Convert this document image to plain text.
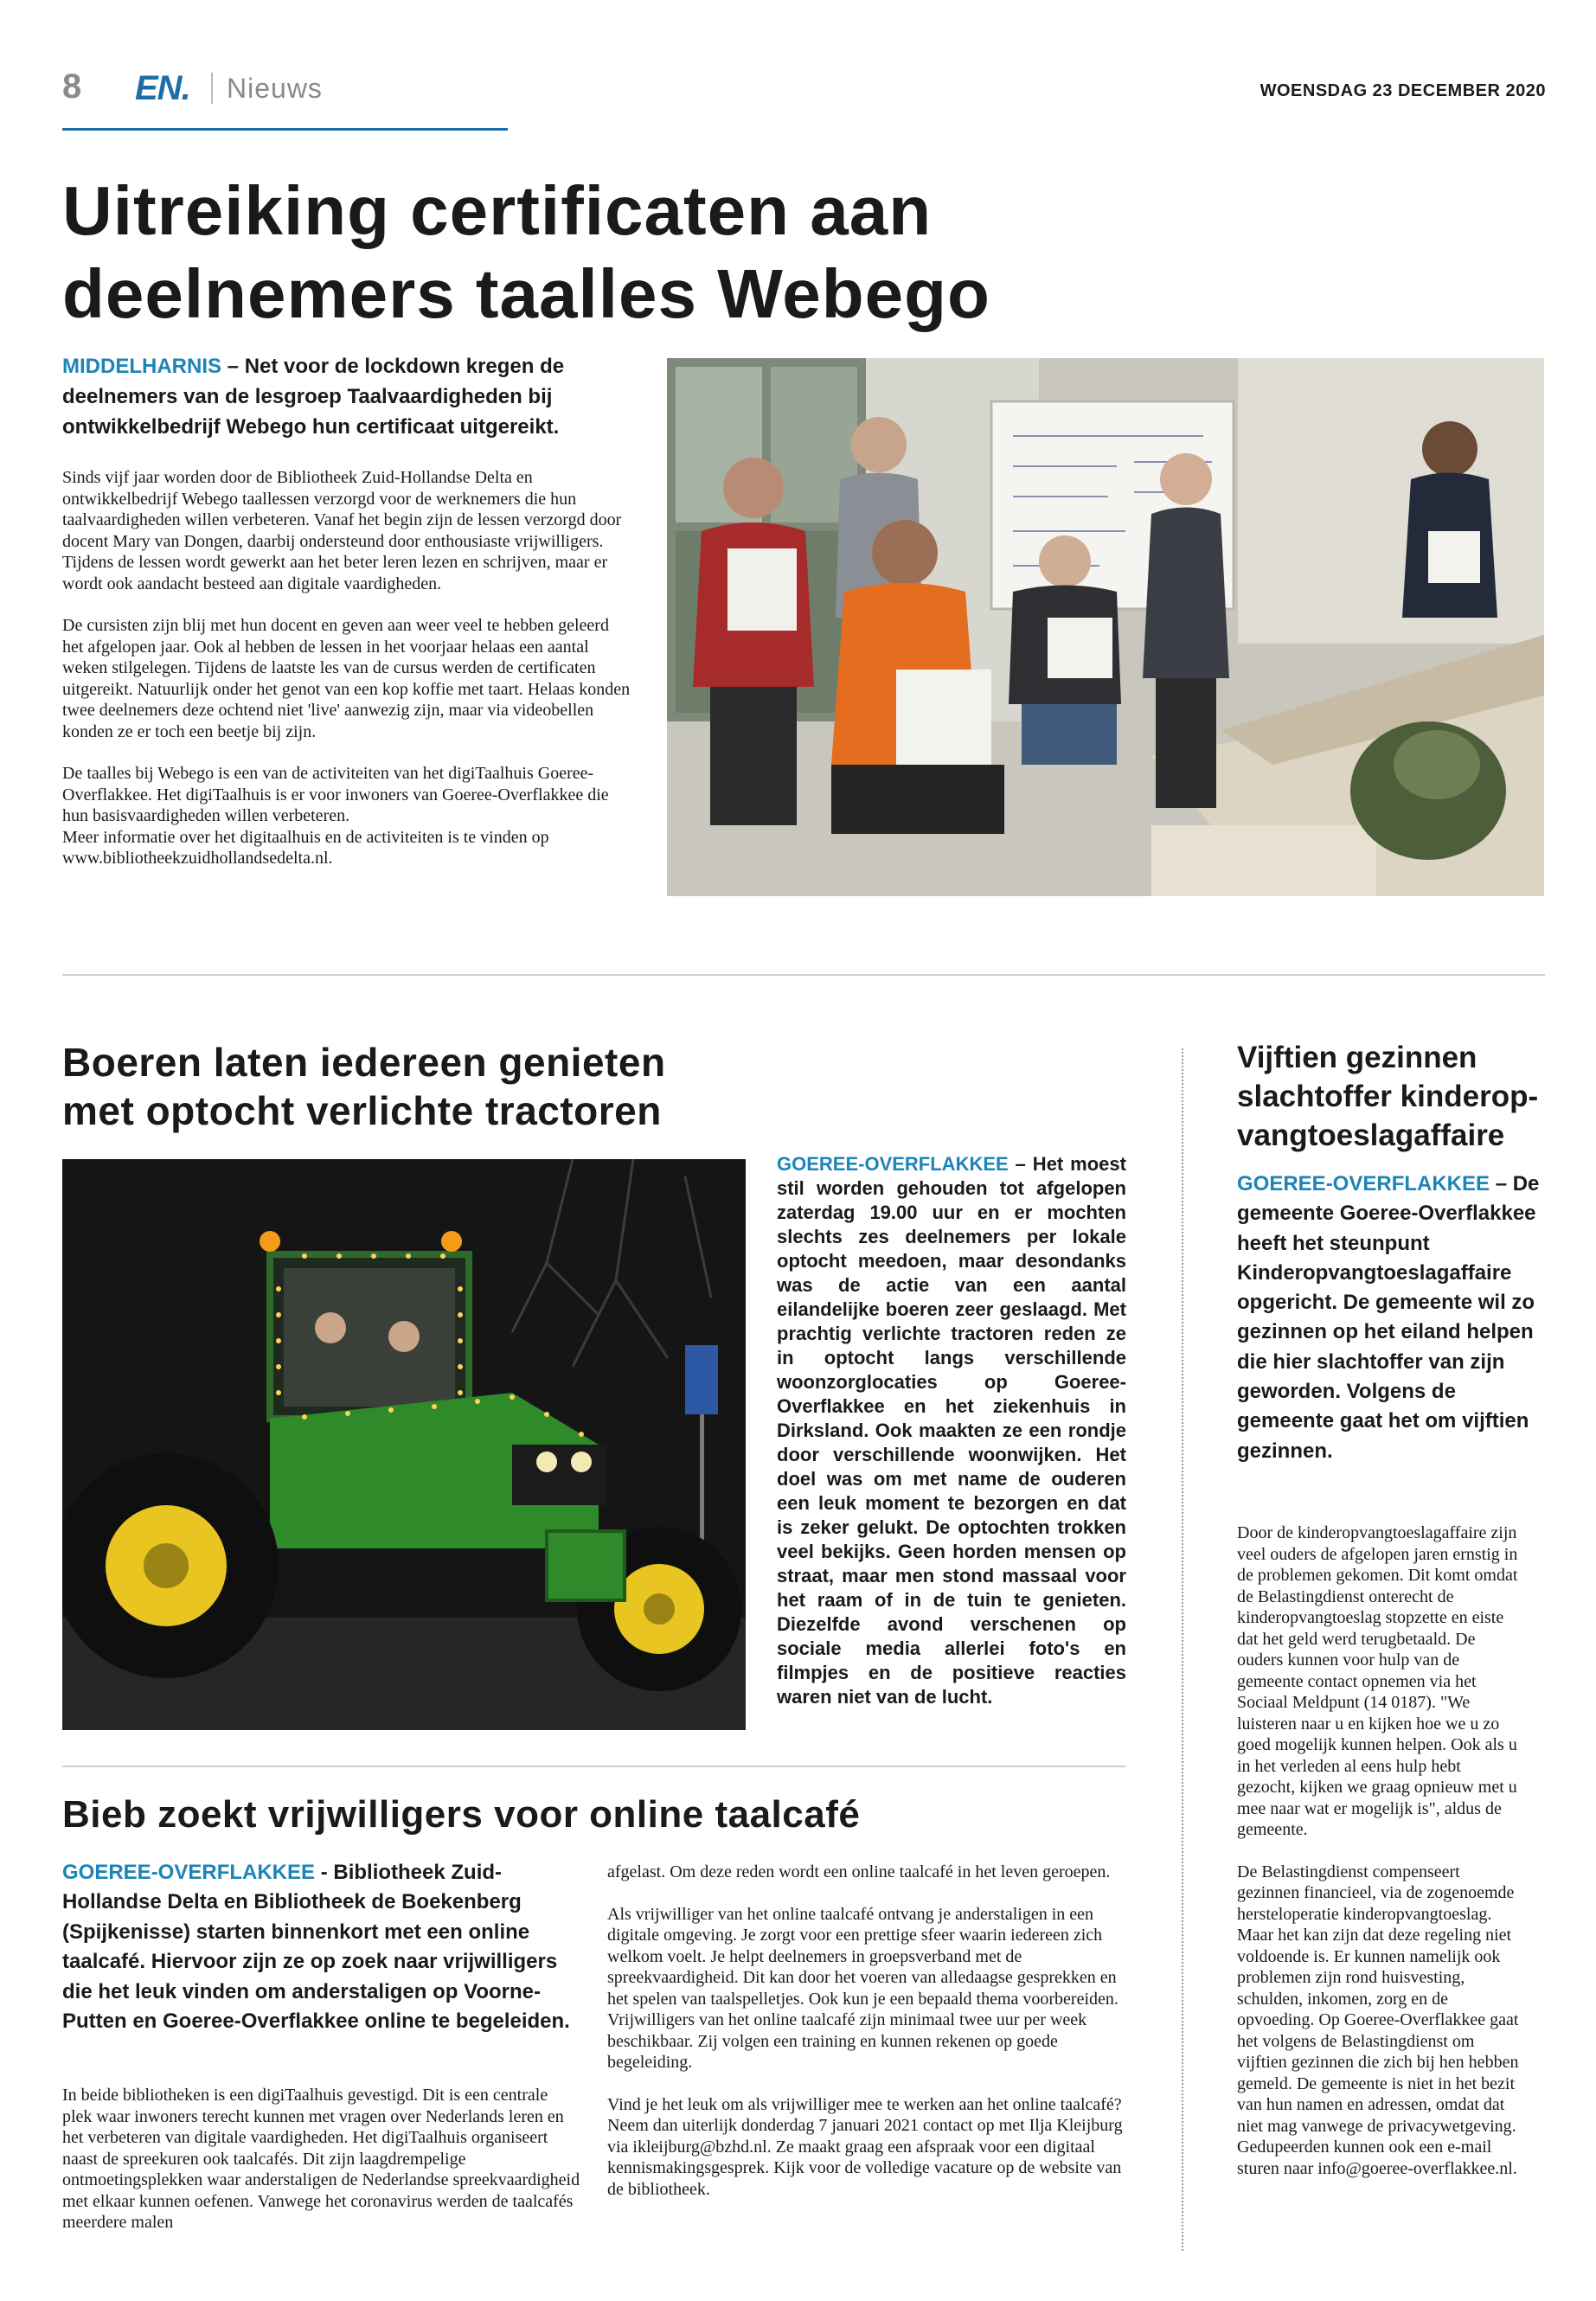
8 EN. Nieuws	WOENSDAG 23 DECEMBER 2020
Uitreiking certificaten aan deelnemers taalles Webego
MIDDELHARNIS – Net voor de lockdown kregen de deelnemers van de lesgroep Taalvaardigheden bij ontwikkelbedrijf Webego hun certificaat uitgereikt.

Sinds vijf jaar worden door de Bibliotheek Zuid-Hollandse Delta en ontwikkelbedrijf Webego taallessen verzorgd voor de werknemers die hun taalvaardigheden willen verbeteren. Vanaf het begin zijn de lessen verzorgd door docent Mary van Dongen, daarbij ondersteund door enthousiaste vrijwilligers. Tijdens de lessen wordt gewerkt aan het beter leren lezen en schrijven, maar er wordt ook aandacht besteed aan digitale vaardigheden.

De cursisten zijn blij met hun docent en geven aan weer veel te hebben geleerd het afgelopen jaar. Ook al hebben de lessen in het voorjaar helaas een aantal weken stilgelegen. Tijdens de laatste les van de cursus werden de certificaten uitgereikt. Natuurlijk onder het genot van een kop koffie met taart. Helaas konden twee deelnemers deze ochtend niet 'live' aanwezig zijn, maar via videobellen konden ze er toch een beetje bij zijn.

De taalles bij Webego is een van de activiteiten van het digiTaalhuis Goeree-Overflakkee. Het digiTaalhuis is er voor inwoners van Goeree-Overflakkee die hun basisvaardigheden willen verbeteren.

Meer informatie over het digitaalhuis en de activiteiten is te vinden op www.bibliotheekzuidhollandsedelta.nl.

Boeren laten iedereen genieten met optocht verlichte tractoren
GOEREE-OVERFLAKKEE – Het moest stil worden gehouden tot afgelopen zaterdag 19.00 uur en er mochten slechts zes deelnemers per lokale optocht meedoen, maar desondanks was de actie van een aantal eilandelijke boeren zeer geslaagd. Met prachtig verlichte tractoren reden ze in optocht langs verschillende woonzorglocaties op Goeree-Overflakkee en het ziekenhuis in Dirksland. Ook maakten ze een rondje door verschillende woonwijken. Het doel was om met name de ouderen een leuk moment te bezorgen en dat is zeker gelukt. De optochten trokken veel bekijks. Geen horden mensen op straat, maar men stond massaal voor het raam of in de tuin te genieten. Diezelfde avond verschenen op sociale media allerlei foto's en filmpjes en de positieve reacties waren niet van de lucht.
Vijftien gezinnen slachtoffer kinderop-vangtoeslagaffaire
GOEREE-OVERFLAKKEE – De gemeente Goeree-Overflakkee heeft het steunpunt Kinderopvangtoeslagaffaire opgericht. De gemeente wil zo gezinnen op het eiland helpen die hier slachtoffer van zijn geworden. Volgens de gemeente gaat het om vijftien gezinnen.

Door de kinderopvangtoeslagaffaire zijn veel ouders de afgelopen jaren ernstig in de problemen gekomen. Dit komt omdat de Belastingdienst onterecht de kinderopvangtoeslag stopzette en eiste dat het geld werd terugbetaald. De ouders kunnen voor hulp van de gemeente contact opnemen via het Sociaal Meldpunt (14 0187). "We luisteren naar u en kijken hoe we u zo goed mogelijk kunnen helpen. Ook als u in het verleden al eens hulp hebt gezocht, kijken we graag opnieuw met u mee naar wat er mogelijk is", aldus de gemeente.

De Belastingdienst compenseert gezinnen financieel, via de zogenoemde hersteloperatie kinderopvangtoeslag. Maar het kan zijn dat deze regeling niet voldoende is. Er kunnen namelijk ook problemen zijn rond huisvesting, schulden, inkomen, zorg en de opvoeding. Op Goeree-Overflakkee gaat het volgens de Belastingdienst om vijftien gezinnen die zich bij hen hebben gemeld. De gemeente is niet in het bezit van hun namen en adressen, omdat dat niet mag vanwege de privacywetgeving. Gedupeerden kunnen ook een e-mail sturen naar info@goeree-overflakkee.nl.

Bieb zoekt vrijwilligers voor online taalcafé
GOEREE-OVERFLAKKEE - Bibliotheek Zuid-Hollandse Delta en Bibliotheek de Boekenberg (Spijkenisse) starten binnenkort met een online taalcafé. Hiervoor zijn ze op zoek naar vrijwilligers die het leuk vinden om anderstaligen op Voorne-Putten en Goeree-Overflakkee online te begeleiden.

In beide bibliotheken is een digiTaalhuis gevestigd. Dit is een centrale plek waar inwoners terecht kunnen met vragen over Nederlands leren en het verbeteren van digitale vaardigheden. Het digiTaalhuis organiseert naast de spreekuren ook taalcafés. Dit zijn laagdrempelige ontmoetingsplekken waar anderstaligen de Nederlandse spreekvaardigheid met elkaar kunnen oefenen. Vanwege het coronavirus werden de taalcafés meerdere malen

afgelast. Om deze reden wordt een online taalcafé in het leven geroepen.

Als vrijwilliger van het online taalcafé ontvang je anderstaligen in een digitale omgeving. Je zorgt voor een prettige sfeer waarin iedereen zich welkom voelt. Je helpt deelnemers in groepsverband met de spreekvaardigheid. Dit kan door het voeren van alledaagse gesprekken en het spelen van taalspelletjes. Ook kun je een bepaald thema voorbereiden. Vrijwilligers van het online taalcafé zijn minimaal twee uur per week beschikbaar. Zij volgen een training en kunnen rekenen op goede begeleiding.

Vind je het leuk om als vrijwilliger mee te werken aan het online taalcafé? Neem dan uiterlijk donderdag 7 januari 2021 contact op met Ilja Kleijburg via ikleijburg@bzhd.nl. Ze maakt graag een afspraak voor een digitaal kennismakingsgesprek. Kijk voor de volledige vacature op de website van de bibliotheek.
